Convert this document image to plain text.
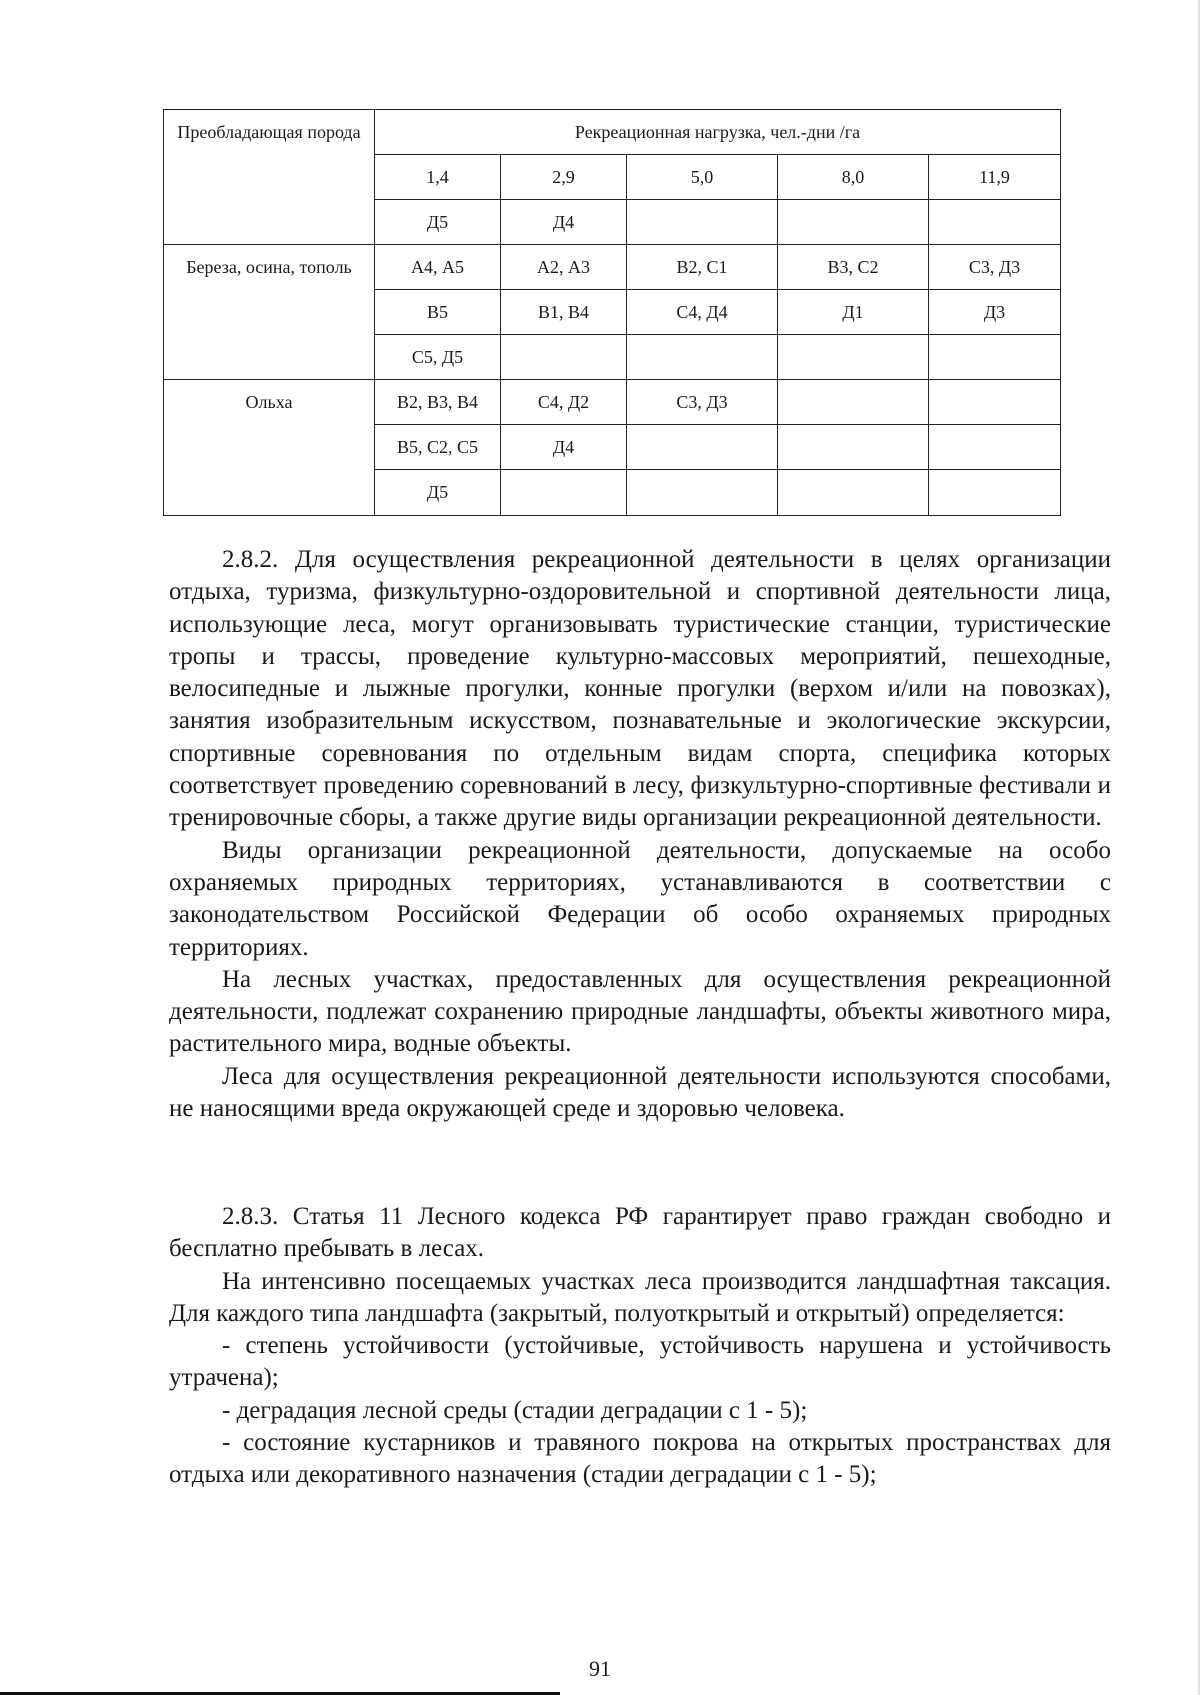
Преобладающая порода	Рекреационная нагрузка, чел.-дни /га				
	1,4	2,9	5,0	8,0	11,9
	Д5	Д4			
Береза, осина, тополь	А4, А5	А2, А3	В2, С1	В3, С2	С3, Д3
	В5	В1, В4	С4, Д4	Д1	Д3
	С5, Д5				
Ольха	В2, В3, В4	С4, Д2	С3, Д3		
	В5, С2, С5	Д4			
	Д5				

2.8.2. Для осуществления рекреационной деятельности в целях организации отдыха, туризма, физкультурно-оздоровительной и спортивной деятельности лица, использующие леса, могут организовывать туристические станции, туристические тропы и трассы, проведение культурно-массовых мероприятий, пешеходные, велосипедные и лыжные прогулки, конные прогулки (верхом и/или на повозках), занятия изобразительным искусством, познавательные и экологические экскурсии, спортивные соревнования по отдельным видам спорта, специфика которых соответствует проведению соревнований в лесу, физкультурно-спортивные фестивали и тренировочные сборы, а также другие виды организации рекреационной деятельности.

Виды организации рекреационной деятельности, допускаемые на особо охраняемых природных территориях, устанавливаются в соответствии с законодательством Российской Федерации об особо охраняемых природных территориях.

На лесных участках, предоставленных для осуществления рекреационной деятельности, подлежат сохранению природные ландшафты, объекты животного мира, растительного мира, водные объекты.

Леса для осуществления рекреационной деятельности используются способами, не наносящими вреда окружающей среде и здоровью человека.

2.8.3. Статья 11 Лесного кодекса РФ гарантирует право граждан свободно и бесплатно пребывать в лесах.

На интенсивно посещаемых участках леса производится ландшафтная таксация. Для каждого типа ландшафта (закрытый, полуоткрытый и открытый) определяется:

- степень устойчивости (устойчивые, устойчивость нарушена и устойчивость утрачена);

- деградация лесной среды (стадии деградации с 1 - 5);

- состояние кустарников и травяного покрова на открытых пространствах для отдыха или декоративного назначения (стадии деградации с 1 - 5);

91
